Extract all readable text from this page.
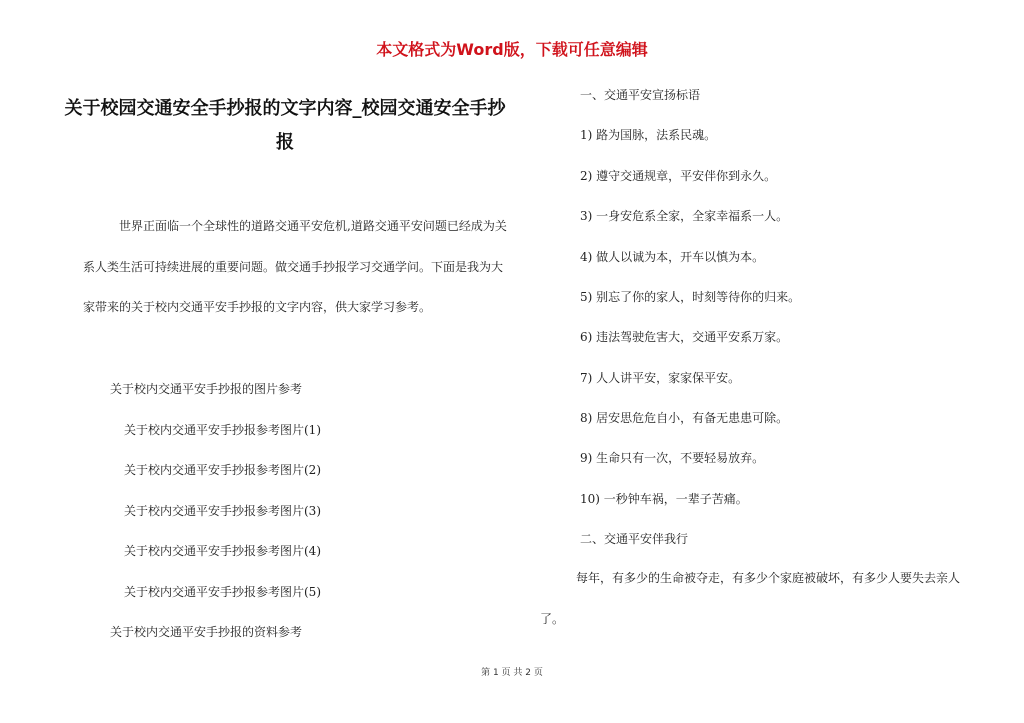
本文格式为Word版，下载可任意编辑
关于校园交通安全手抄报的文字内容_校园交通安全手抄报
世界正面临一个全球性的道路交通平安危机,道路交通平安问题已经成为关系人类生活可持续进展的重要问题。做交通手抄报学习交通学问。下面是我为大家带来的关于校内交通平安手抄报的文字内容，供大家学习参考。
关于校内交通平安手抄报的图片参考
关于校内交通平安手抄报参考图片(1)
关于校内交通平安手抄报参考图片(2)
关于校内交通平安手抄报参考图片(3)
关于校内交通平安手抄报参考图片(4)
关于校内交通平安手抄报参考图片(5)
关于校内交通平安手抄报的资料参考
一、交通平安宣扬标语
1) 路为国脉，法系民魂。
2) 遵守交通规章，平安伴你到永久。
3) 一身安危系全家，全家幸福系一人。
4) 做人以诚为本，开车以慎为本。
5) 别忘了你的家人，时刻等待你的归来。
6) 违法驾驶危害大，交通平安系万家。
7) 人人讲平安，家家保平安。
8) 居安思危危自小，有备无患患可除。
9) 生命只有一次，不要轻易放弃。
10) 一秒钟车祸，一辈子苦痛。
二、交通平安伴我行
每年，有多少的生命被夺走，有多少个家庭被破坏，有多少人要失去亲人了。
第 1 页 共 2 页
